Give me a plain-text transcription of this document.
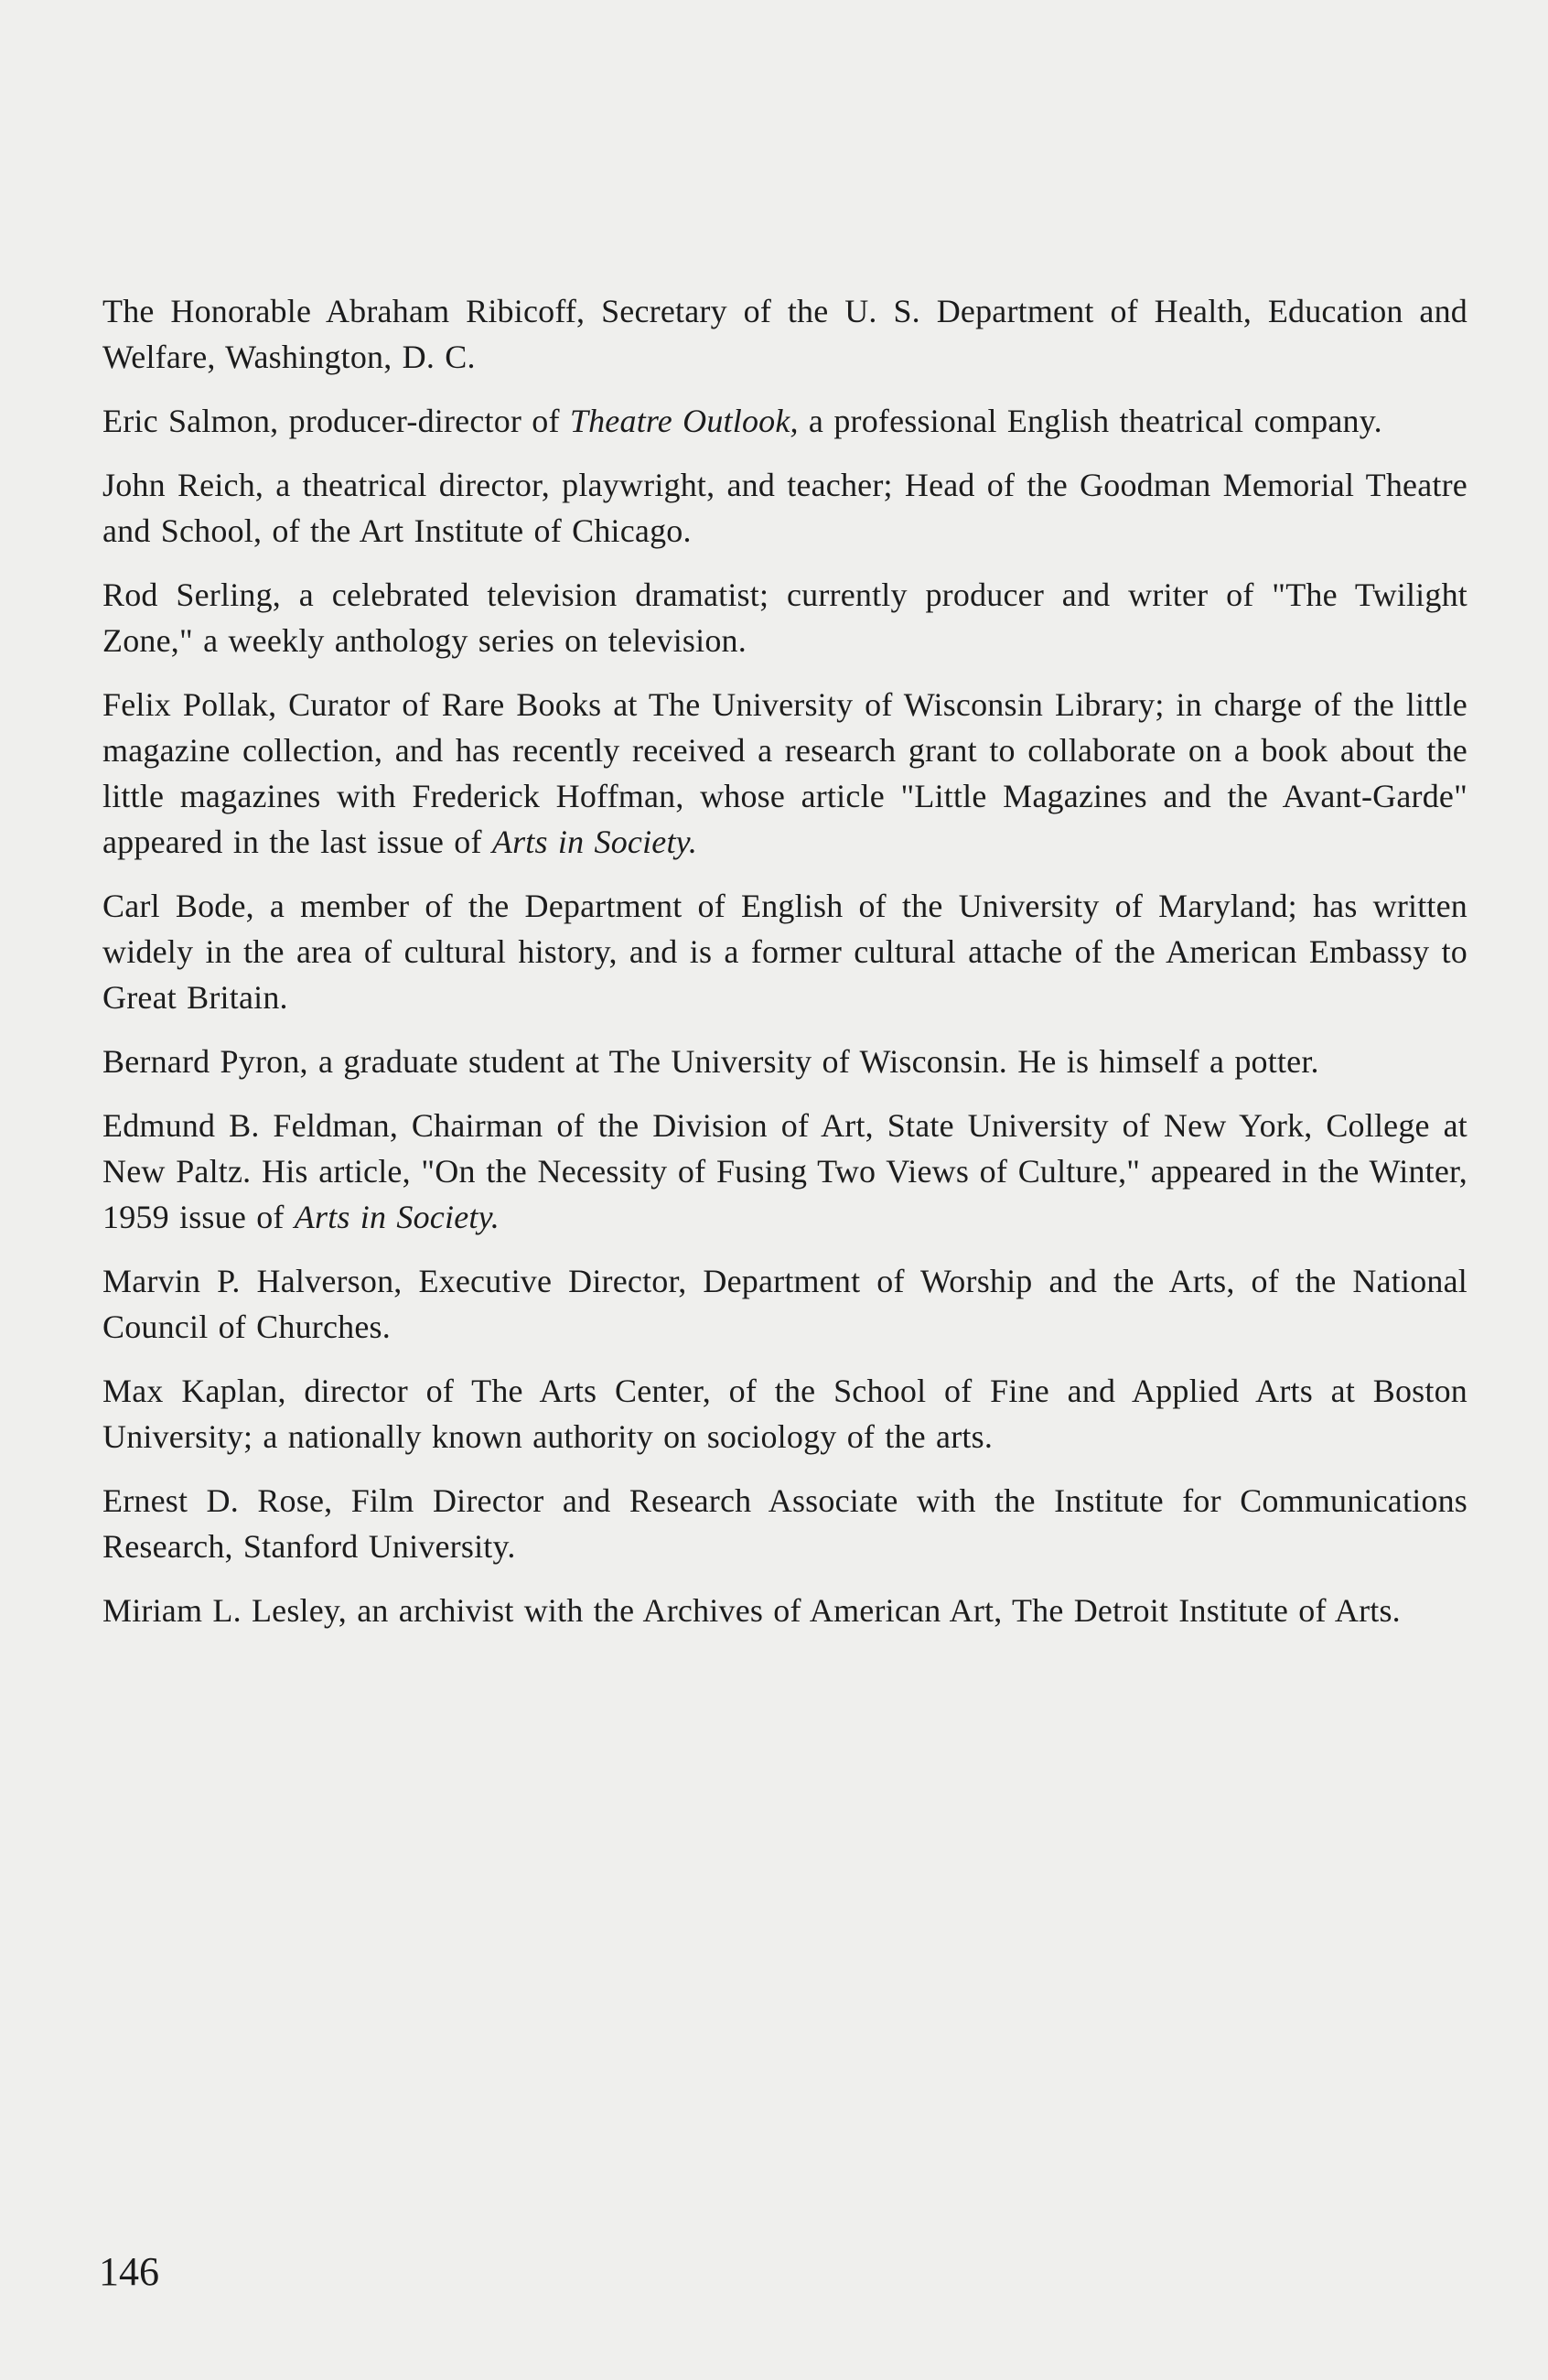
The Honorable Abraham Ribicoff, Secretary of the U. S. Department of Health, Education and Welfare, Washington, D. C.

Eric Salmon, producer-director of Theatre Outlook, a professional English theatrical company.

John Reich, a theatrical director, playwright, and teacher; Head of the Goodman Memorial Theatre and School, of the Art Institute of Chicago.

Rod Serling, a celebrated television dramatist; currently producer and writer of "The Twilight Zone," a weekly anthology series on television.

Felix Pollak, Curator of Rare Books at The University of Wisconsin Library; in charge of the little magazine collection, and has recently received a research grant to collaborate on a book about the little magazines with Frederick Hoffman, whose article "Little Magazines and the Avant-Garde" appeared in the last issue of Arts in Society.

Carl Bode, a member of the Department of English of the University of Maryland; has written widely in the area of cultural history, and is a former cultural attache of the American Embassy to Great Britain.

Bernard Pyron, a graduate student at The University of Wisconsin. He is himself a potter.

Edmund B. Feldman, Chairman of the Division of Art, State University of New York, College at New Paltz. His article, "On the Necessity of Fusing Two Views of Culture," appeared in the Winter, 1959 issue of Arts in Society.

Marvin P. Halverson, Executive Director, Department of Worship and the Arts, of the National Council of Churches.

Max Kaplan, director of The Arts Center, of the School of Fine and Applied Arts at Boston University; a nationally known authority on sociology of the arts.

Ernest D. Rose, Film Director and Research Associate with the Institute for Communications Research, Stanford University.

Miriam L. Lesley, an archivist with the Archives of American Art, The Detroit Institute of Arts.

146
